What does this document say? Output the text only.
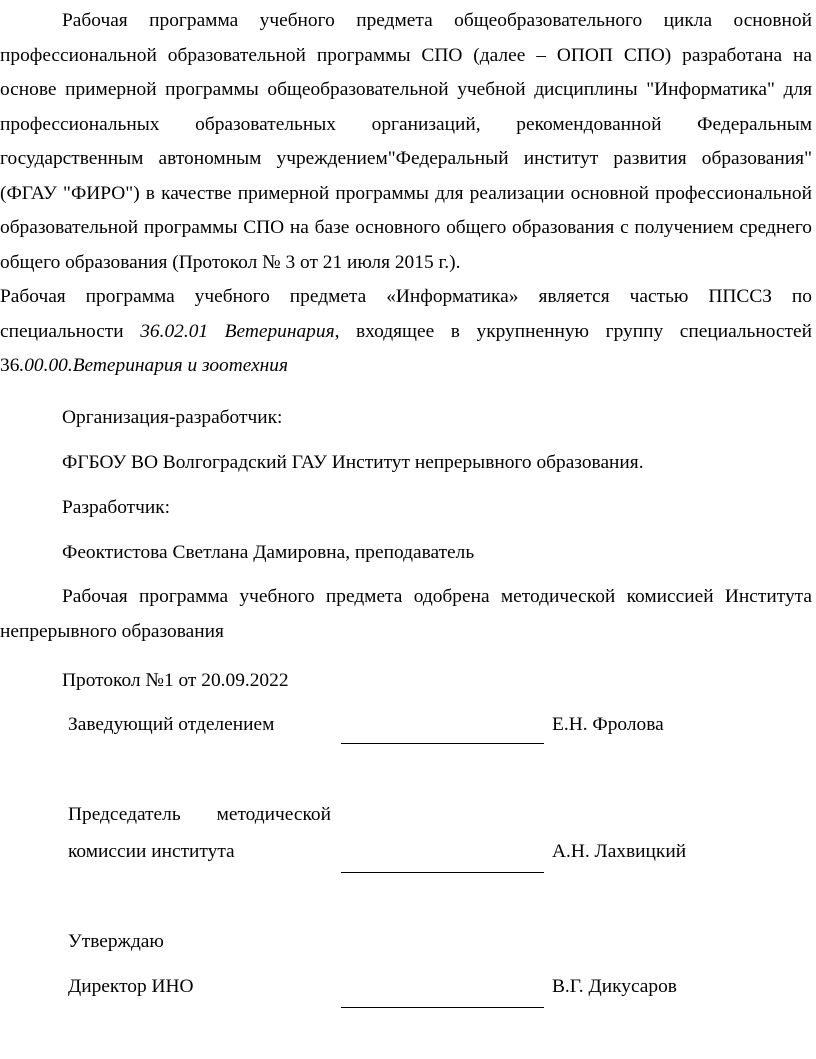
Рабочая программа учебного предмета общеобразовательного цикла основной профессиональной образовательной программы СПО (далее – ОПОП СПО) разработана на основе примерной программы общеобразовательной учебной дисциплины "Информатика" для профессиональных образовательных организаций, рекомендованной Федеральным государственным автономным учреждением"Федеральный институт развития образования" (ФГАУ "ФИРО") в качестве примерной программы для реализации основной профессиональной образовательной программы СПО на базе основного общего образования с получением среднего общего образования (Протокол № 3 от 21 июля 2015 г.).

Рабочая программа учебного предмета «Информатика» является частью ППССЗ по специальности 36.02.01 Ветеринария, входящее в укрупненную группу специальностей 36.00.00.Ветеринария и зоотехния

Организация-разработчик:

ФГБОУ ВО Волгоградский ГАУ Институт непрерывного образования.

Разработчик:

Феоктистова Светлана Дамировна, преподаватель

Рабочая программа учебного предмета одобрена методической комиссией Института непрерывного образования

Протокол №1 от 20.09.2022

Заведующий отделением	Е.Н. Фролова

Председатель методической

комиссии института	А.Н. Лахвицкий

Утверждаю

Директор ИНО	В.Г. Дикусаров
